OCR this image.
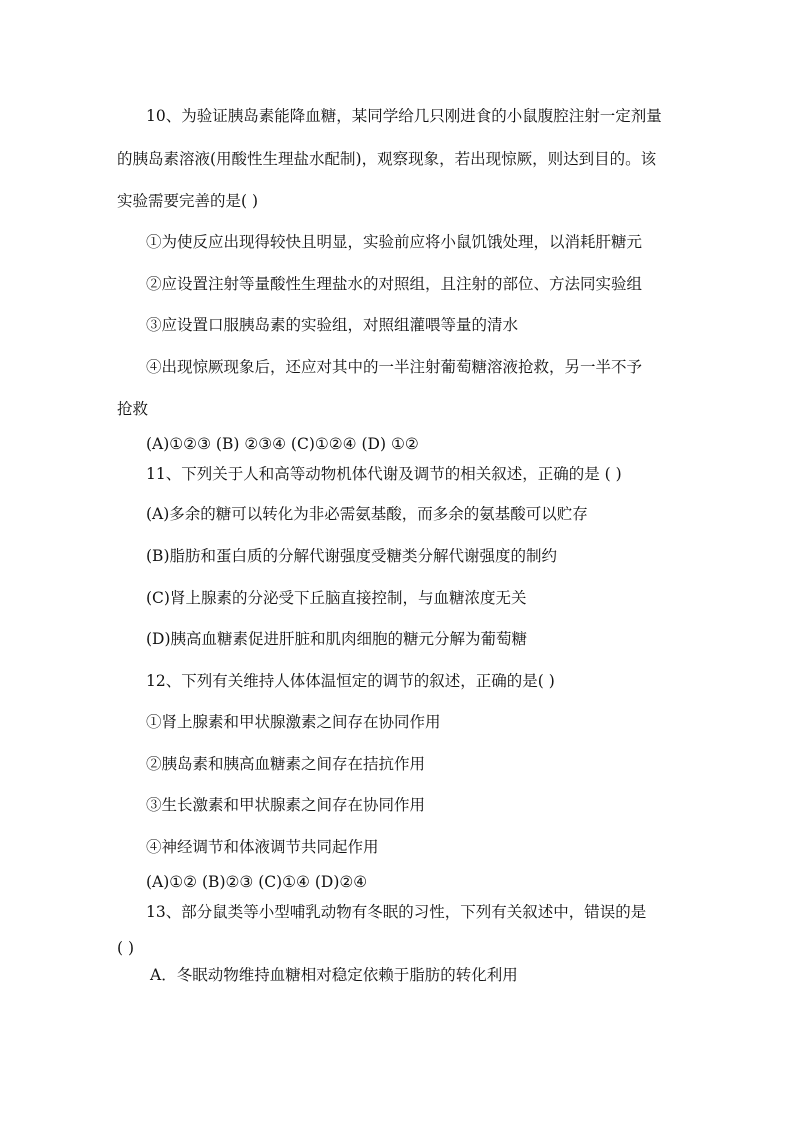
10、为验证胰岛素能降血糖，某同学给几只刚进食的小鼠腹腔注射一定剂量
的胰岛素溶液(用酸性生理盐水配制)，观察现象，若出现惊厥，则达到目的。该
实验需要完善的是( )
①为使反应出现得较快且明显，实验前应将小鼠饥饿处理，以消耗肝糖元
②应设置注射等量酸性生理盐水的对照组，且注射的部位、方法同实验组
③应设置口服胰岛素的实验组，对照组灌喂等量的清水
④出现惊厥现象后，还应对其中的一半注射葡萄糖溶液抢救，另一半不予
抢救
(A)①②③ (B) ②③④ (C)①②④ (D) ①②
11、下列关于人和高等动物机体代谢及调节的相关叙述，正确的是 ( )
(A)多余的糖可以转化为非必需氨基酸，而多余的氨基酸可以贮存
(B)脂肪和蛋白质的分解代谢强度受糖类分解代谢强度的制约
(C)肾上腺素的分泌受下丘脑直接控制，与血糖浓度无关
(D)胰高血糖素促进肝脏和肌肉细胞的糖元分解为葡萄糖
12、下列有关维持人体体温恒定的调节的叙述，正确的是( )
①肾上腺素和甲状腺激素之间存在协同作用
②胰岛素和胰高血糖素之间存在拮抗作用
③生长激素和甲状腺素之间存在协同作用
④神经调节和体液调节共同起作用
(A)①② (B)②③ (C)①④ (D)②④
13、部分鼠类等小型哺乳动物有冬眠的习性，下列有关叙述中，错误的是
( )
A．冬眠动物维持血糖相对稳定依赖于脂肪的转化利用
